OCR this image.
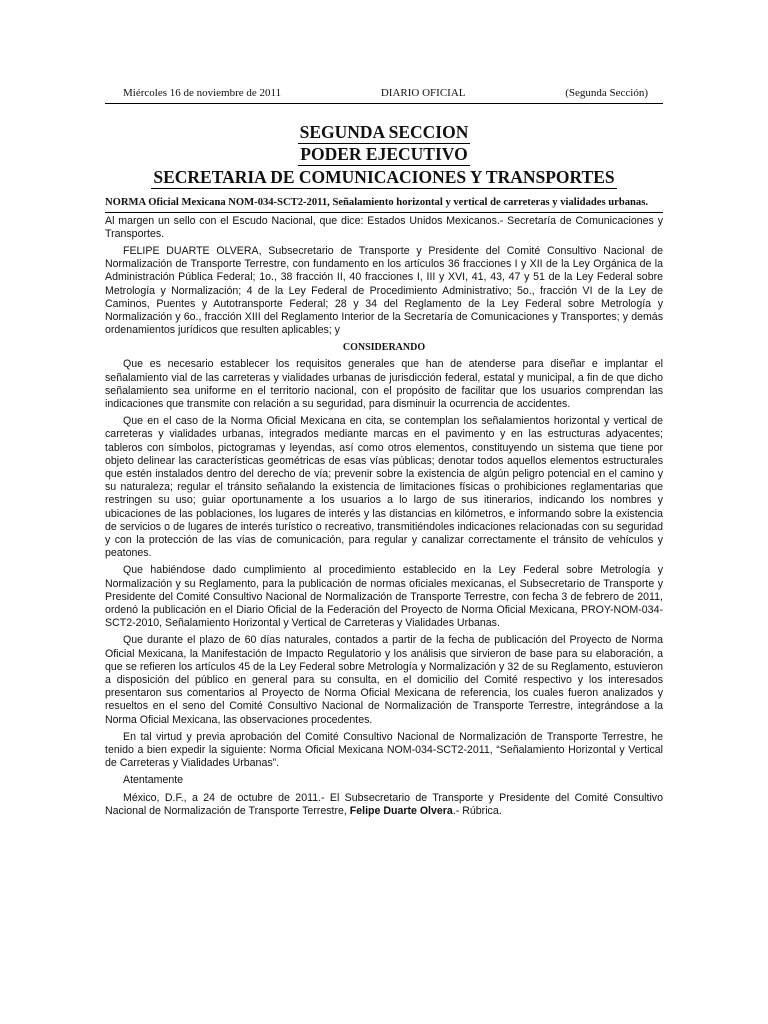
Miércoles 16 de noviembre de 2011	DIARIO OFICIAL	(Segunda Sección)
SEGUNDA SECCION
PODER EJECUTIVO
SECRETARIA DE COMUNICACIONES Y TRANSPORTES
NORMA Oficial Mexicana NOM-034-SCT2-2011, Señalamiento horizontal y vertical de carreteras y vialidades urbanas.

Al margen un sello con el Escudo Nacional, que dice: Estados Unidos Mexicanos.- Secretaría de Comunicaciones y Transportes.

FELIPE DUARTE OLVERA, Subsecretario de Transporte y Presidente del Comité Consultivo Nacional de Normalización de Transporte Terrestre, con fundamento en los artículos 36 fracciones I y XII de la Ley Orgánica de la Administración Pública Federal; 1o., 38 fracción II, 40 fracciones I, III y XVI, 41, 43, 47 y 51 de la Ley Federal sobre Metrología y Normalización; 4 de la Ley Federal de Procedimiento Administrativo; 5o., fracción VI de la Ley de Caminos, Puentes y Autotransporte Federal; 28 y 34 del Reglamento de la Ley Federal sobre Metrología y Normalización y 6o., fracción XIII del Reglamento Interior de la Secretaría de Comunicaciones y Transportes; y demás ordenamientos jurídicos que resulten aplicables; y

CONSIDERANDO

Que es necesario establecer los requisitos generales que han de atenderse para diseñar e implantar el señalamiento vial de las carreteras y vialidades urbanas de jurisdicción federal, estatal y municipal, a fin de que dicho señalamiento sea uniforme en el territorio nacional, con el propósito de facilitar que los usuarios comprendan las indicaciones que transmite con relación a su seguridad, para disminuir la ocurrencia de accidentes.

Que en el caso de la Norma Oficial Mexicana en cita, se contemplan los señalamientos horizontal y vertical de carreteras y vialidades urbanas, integrados mediante marcas en el pavimento y en las estructuras adyacentes; tableros con símbolos, pictogramas y leyendas, así como otros elementos, constituyendo un sistema que tiene por objeto delinear las características geométricas de esas vías públicas; denotar todos aquellos elementos estructurales que estén instalados dentro del derecho de vía; prevenir sobre la existencia de algún peligro potencial en el camino y su naturaleza; regular el tránsito señalando la existencia de limitaciones físicas o prohibiciones reglamentarias que restringen su uso; guiar oportunamente a los usuarios a lo largo de sus itinerarios, indicando los nombres y ubicaciones de las poblaciones, los lugares de interés y las distancias en kilómetros, e informando sobre la existencia de servicios o de lugares de interés turístico o recreativo, transmitiéndoles indicaciones relacionadas con su seguridad y con la protección de las vías de comunicación, para regular y canalizar correctamente el tránsito de vehículos y peatones.

Que habiéndose dado cumplimiento al procedimiento establecido en la Ley Federal sobre Metrología y Normalización y su Reglamento, para la publicación de normas oficiales mexicanas, el Subsecretario de Transporte y Presidente del Comité Consultivo Nacional de Normalización de Transporte Terrestre, con fecha 3 de febrero de 2011, ordenó la publicación en el Diario Oficial de la Federación del Proyecto de Norma Oficial Mexicana, PROY-NOM-034-SCT2-2010, Señalamiento Horizontal y Vertical de Carreteras y Vialidades Urbanas.

Que durante el plazo de 60 días naturales, contados a partir de la fecha de publicación del Proyecto de Norma Oficial Mexicana, la Manifestación de Impacto Regulatorio y los análisis que sirvieron de base para su elaboración, a que se refieren los artículos 45 de la Ley Federal sobre Metrología y Normalización y 32 de su Reglamento, estuvieron a disposición del público en general para su consulta, en el domicilio del Comité respectivo y los interesados presentaron sus comentarios al Proyecto de Norma Oficial Mexicana de referencia, los cuales fueron analizados y resueltos en el seno del Comité Consultivo Nacional de Normalización de Transporte Terrestre, integrándose a la Norma Oficial Mexicana, las observaciones procedentes.

En tal virtud y previa aprobación del Comité Consultivo Nacional de Normalización de Transporte Terrestre, he tenido a bien expedir la siguiente: Norma Oficial Mexicana NOM-034-SCT2-2011, “Señalamiento Horizontal y Vertical de Carreteras y Vialidades Urbanas”.

Atentamente

México, D.F., a 24 de octubre de 2011.- El Subsecretario de Transporte y Presidente del Comité Consultivo Nacional de Normalización de Transporte Terrestre, Felipe Duarte Olvera.- Rúbrica.
